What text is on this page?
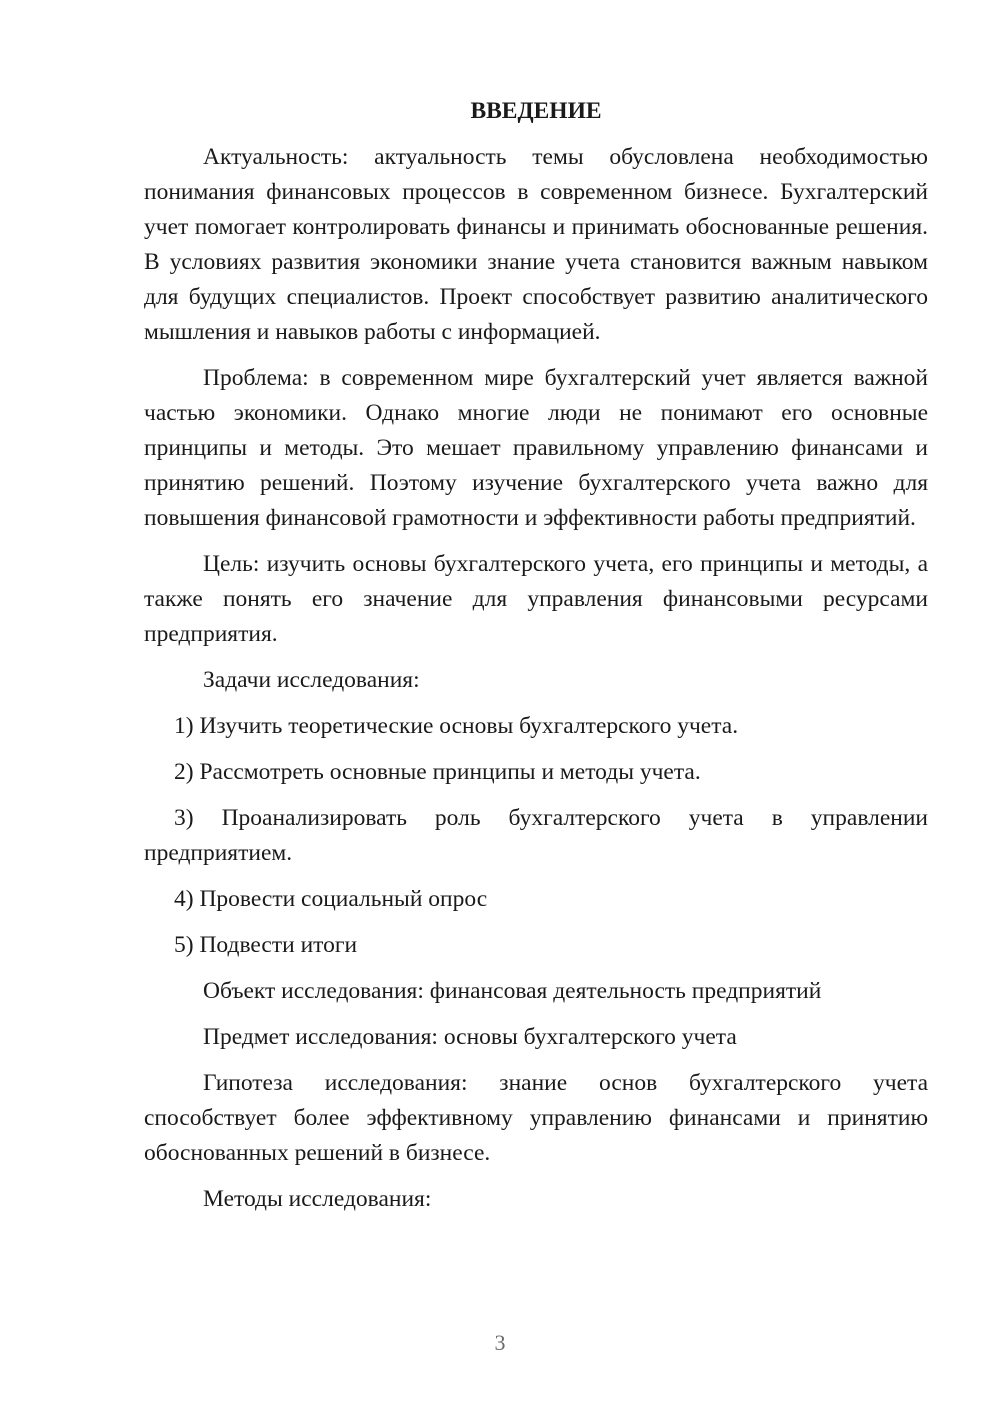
ВВЕДЕНИЕ

Актуальность: актуальность темы обусловлена необходимостью понимания финансовых процессов в современном бизнесе. Бухгалтерский учет помогает контролировать финансы и принимать обоснованные решения. В условиях развития экономики знание учета становится важным навыком для будущих специалистов. Проект способствует развитию аналитического мышления и навыков работы с информацией.

Проблема: в современном мире бухгалтерский учет является важной частью экономики. Однако многие люди не понимают его основные принципы и методы. Это мешает правильному управлению финансами и принятию решений. Поэтому изучение бухгалтерского учета важно для повышения финансовой грамотности и эффективности работы предприятий.

Цель: изучить основы бухгалтерского учета, его принципы и методы, а также понять его значение для управления финансовыми ресурсами предприятия.

Задачи исследования:

1) Изучить теоретические основы бухгалтерского учета.

2) Рассмотреть основные принципы и методы учета.

3) Проанализировать роль бухгалтерского учета в управлении предприятием.

4) Провести социальный опрос

5) Подвести итоги

Объект исследования: финансовая деятельность предприятий

Предмет исследования: основы бухгалтерского учета

Гипотеза исследования: знание основ бухгалтерского учета способствует более эффективному управлению финансами и принятию обоснованных решений в бизнесе.

Методы исследования:

3
